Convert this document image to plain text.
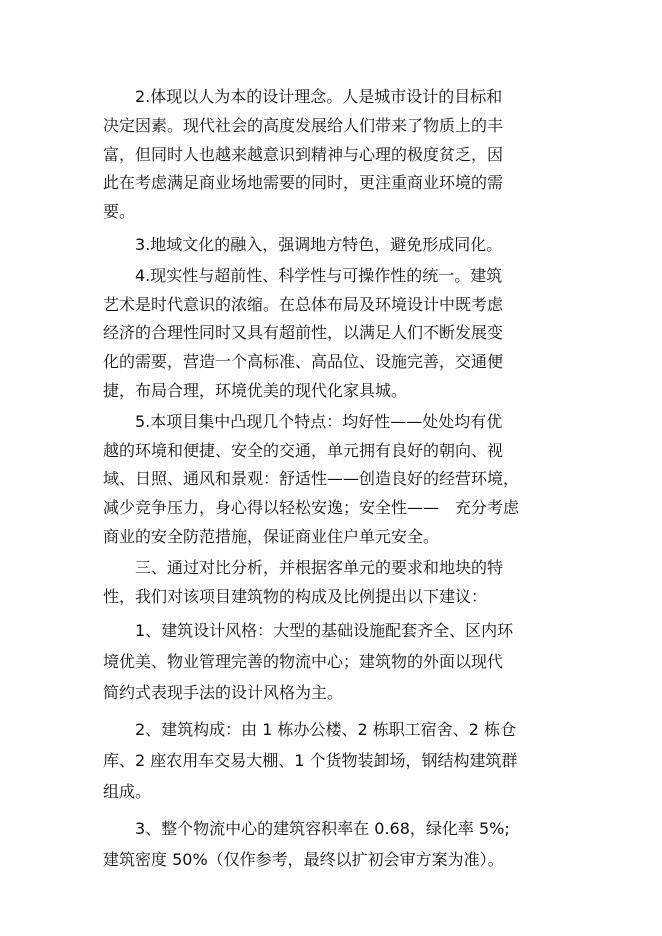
2.体现以人为本的设计理念。人是城市设计的目标和
决定因素。现代社会的高度发展给人们带来了物质上的丰
富，但同时人也越来越意识到精神与心理的极度贫乏，因
此在考虑满足商业场地需要的同时，更注重商业环境的需
要。
3.地域文化的融入，强调地方特色，避免形成同化。
4.现实性与超前性、科学性与可操作性的统一。建筑
艺术是时代意识的浓缩。在总体布局及环境设计中既考虑
经济的合理性同时又具有超前性，以满足人们不断发展变
化的需要，营造一个高标准、高品位、设施完善，交通便
捷，布局合理，环境优美的现代化家具城。
5.本项目集中凸现几个特点：均好性——处处均有优
越的环境和便捷、安全的交通，单元拥有良好的朝向、视
域、日照、通风和景观：舒适性——创造良好的经营环境，
减少竞争压力，身心得以轻松安逸；安全性——　充分考虑
商业的安全防范措施，保证商业住户单元安全。
三、通过对比分析，并根据客单元的要求和地块的特
性，我们对该项目建筑物的构成及比例提出以下建议：
1、建筑设计风格：大型的基础设施配套齐全、区内环
境优美、物业管理完善的物流中心；建筑物的外面以现代
简约式表现手法的设计风格为主。
2、建筑构成：由 1 栋办公楼、2 栋职工宿舍、2 栋仓
库、2 座农用车交易大棚、1 个货物装卸场，钢结构建筑群
组成。
3、整个物流中心的建筑容积率在 0.68，绿化率 5%;
建筑密度 50%（仅作参考，最终以扩初会审方案为准）。
